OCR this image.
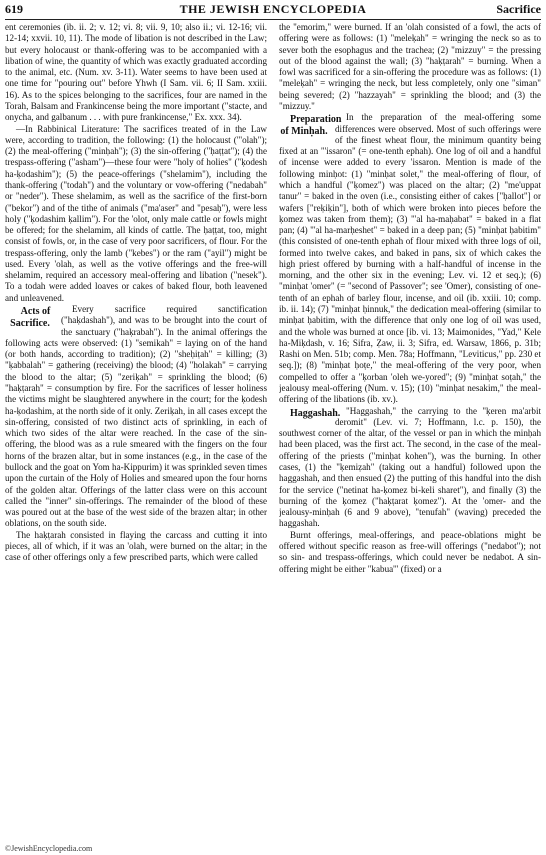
619	THE JEWISH ENCYCLOPEDIA	Sacrifice

ent ceremonies (ib. ii. 2; v. 12; vi. 8; vii. 9, 10; also ii.; vi. 12-16; vii. 12-14; xxvii. 10, 11). The mode of libation is not described in the Law; but every holocaust or thank-offering was to be accompanied with a libation of wine, the quantity of which was exactly graduated according to the animal, etc. (Num. xv. 3-11). Water seems to have been used at one time for "pouring out" before Yhwh (I Sam. vii. 6; II Sam. xxiii. 16). As to the spices belonging to the sacrifices, four are named in the Torah, Balsam and Frankincense being the more important ("stacte, and onycha, and galbanum . . . with pure frankincense," Ex. xxx. 34).

—In Rabbinical Literature: The sacrifices treated of in the Law were, according to tradition, the following: (1) the holocaust ("'olah"); (2) the meal-offering ("minḥah"); (3) the sin-offering ("ḥaṭṭat"); (4) the trespass-offering ("asham")—these four were "holy of holies" ("ḳodesh ha-ḳodashim"); (5) the peace-offerings ("shelamim"), including the thank-offering ("todah") and the voluntary or vow-offering ("nedabah" or "neder"). These shelamim, as well as the sacrifice of the first-born ("bekor") and of the tithe of animals ("ma'aser" and "pesaḥ"), were less holy ("ḳodashim ḳallim"). For the 'olot, only male cattle or fowls might be offered; for the shelamim, all kinds of cattle. The ḥaṭṭat, too, might consist of fowls, or, in the case of very poor sacrificers, of flour. For the trespass-offering, only the lamb ("kebes") or the ram ("ayil") might be used. Every 'olah, as well as the votive offerings and the free-will shelamim, required an accessory meal-offering and libation ("nesek"). To a todah were added loaves or cakes of baked flour, both leavened and unleavened.

Acts of Sacrifice.
Every sacrifice required sanctification ("haḳdashah"), and was to be brought into the court of the sanctuary ("haḳrabah"). In the animal offerings the following acts were observed: (1) "semikah" = laying on of the hand (or both hands, according to tradition); (2) "sheḥiṭah" = killing; (3) "ḳabbalah" = gathering (receiving) the blood; (4) "holakah" = carrying the blood to the altar; (5) "zeriḳah" = sprinkling the blood; (6) "haḳṭarah" = consumption by fire. For the sacrifices of lesser holiness the victims might be slaughtered anywhere in the court; for the ḳodesh ha-ḳodashim, at the north side of it only. Zeriḳah, in all cases except the sin-offering, consisted of two distinct acts of sprinkling, in each of which two sides of the altar were reached. In the case of the sin-offering, the blood was as a rule smeared with the fingers on the four horns of the brazen altar, but in some instances (e.g., in the case of the bullock and the goat on Yom ha-Kippurim) it was sprinkled seven times upon the curtain of the Holy of Holies and smeared upon the four horns of the golden altar. Offerings of the latter class were on this account called the "inner" sin-offerings. The remainder of the blood of these was poured out at the base of the west side of the brazen altar; in other oblations, on the south side.

The haḳṭarah consisted in flaying the carcass and cutting it into pieces, all of which, if it was an 'olah, were burned on the altar; in the case of other offerings only a few prescribed parts, which were called

the "emorim," were burned. If an 'olah consisted of a fowl, the acts of offering were as follows: (1) "meleḳah" = wringing the neck so as to sever both the esophagus and the trachea; (2) "mizzuy" = the pressing out of the blood against the wall; (3) "haḳṭarah" = burning. When a fowl was sacrificed for a sin-offering the procedure was as follows: (1) "meleḳah" = wringing the neck, but less completely, only one "siman" being severed; (2) "hazzayah" = sprinkling the blood; and (3) the "mizzuy."

Preparation of Minḥah.
In the preparation of the meal-offering some differences were observed. Most of such offerings were of the finest wheat flour, the minimum quantity being fixed at an "'issaron" (= one-tenth ephah). One log of oil and a handful of incense were added to every 'issaron. Mention is made of the following minḥot: (1) "minḥat solet," the meal-offering of flour, of which a handful ("ḳomez") was placed on the altar; (2) "me'uppat tanur" = baked in the oven (i.e., consisting either of cakes ["ḥallot"] or wafers ["reḳiḳin"], both of which were broken into pieces before the ḳomez was taken from them); (3) "'al ha-maḥabat" = baked in a flat pan; (4) "'al ha-marḥeshet" = baked in a deep pan; (5) "minḥat ḥabitim" (this consisted of one-tenth ephah of flour mixed with three logs of oil, formed into twelve cakes, and baked in pans, six of which cakes the high priest offered by burning with a half-handful of incense in the morning, and the other six in the evening; Lev. vi. 12 et seq.); (6) "minḥat 'omer" (= "second of Passover"; see 'Omer), consisting of one-tenth of an ephah of barley flour, incense, and oil (ib. xxiii. 10; comp. ib. ii. 14); (7) "minḥat ḥinnuk," the dedication meal-offering (similar to minḥat ḥabitim, with the difference that only one log of oil was used, and the whole was burned at once [ib. vi. 13; Maimonides, "Yad," Kele ha-Miḳdash, v. 16; Sifra, Ẓaw, ii. 3; Sifra, ed. Warsaw, 1866, p. 31b; Rashi on Men. 51b; comp. Men. 78a; Hoffmann, "Leviticus," pp. 230 et seq.]); (8) "minḥat ḥoṭe," the meal-offering of the very poor, when compelled to offer a "ḳorban 'oleh we-yored"; (9) "minḥat soṭah," the jealousy meal-offering (Num. v. 15); (10) "minḥat nesakim," the meal-offering of the libations (ib. xv.).

Haggashah. "Haggashah," the carrying to the "ḳeren ma'arbit deromit" (Lev. vi. 7; Hoffmann, l.c. p. 150), the southwest corner of the altar, of the vessel or pan in which the minḥah had been placed, was the first act. The second, in the case of the meal-offering of the priests ("minḥat kohen"), was the burning. In other cases, (1) the "ḳemiẓah" (taking out a handful) followed upon the haggashah, and then ensued (2) the putting of this handful into the dish for the service ("netinat ha-ḳomez bi-keli sharet"), and finally (3) the burning of the ḳomez ("haḳṭarat ḳomez"). At the 'omer- and the jealousy-minḥah (6 and 9 above), "tenufah" (waving) preceded the haggashah.

Burnt offerings, meal-offerings, and peace-oblations might be offered without specific reason as free-will offerings ("nedabot"); not so sin- and trespass-offerings, which could never be nedabot. A sin-offering might be either "kabua'" (fixed) or a

©JewishEncyclopedia.com
